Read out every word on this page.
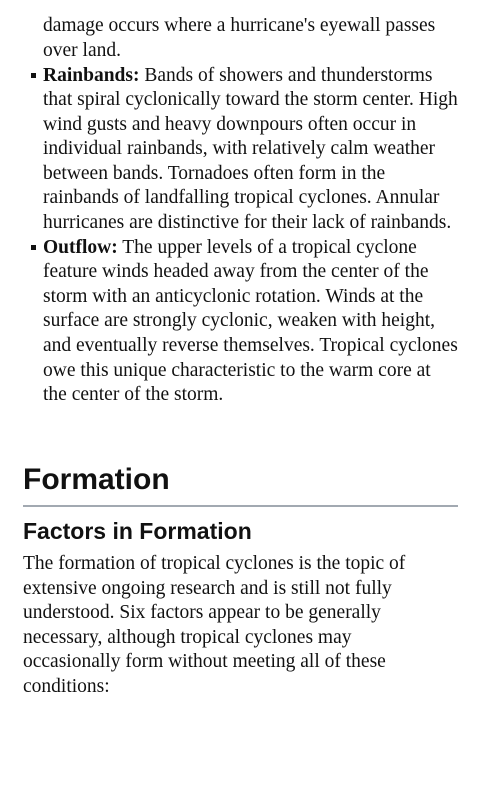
damage occurs where a hurricane's eyewall passes over land.
Rainbands: Bands of showers and thunderstorms that spiral cyclonically toward the storm center. High wind gusts and heavy downpours often occur in individual rainbands, with relatively calm weather between bands. Tornadoes often form in the rainbands of landfalling tropical cyclones. Annular hurricanes are distinctive for their lack of rainbands.
Outflow: The upper levels of a tropical cyclone feature winds headed away from the center of the storm with an anticyclonic rotation. Winds at the surface are strongly cyclonic, weaken with height, and eventually reverse themselves. Tropical cyclones owe this unique characteristic to the warm core at the center of the storm.
Formation
Factors in Formation
The formation of tropical cyclones is the topic of extensive ongoing research and is still not fully understood. Six factors appear to be generally necessary, although tropical cyclones may occasionally form without meeting all of these conditions:
